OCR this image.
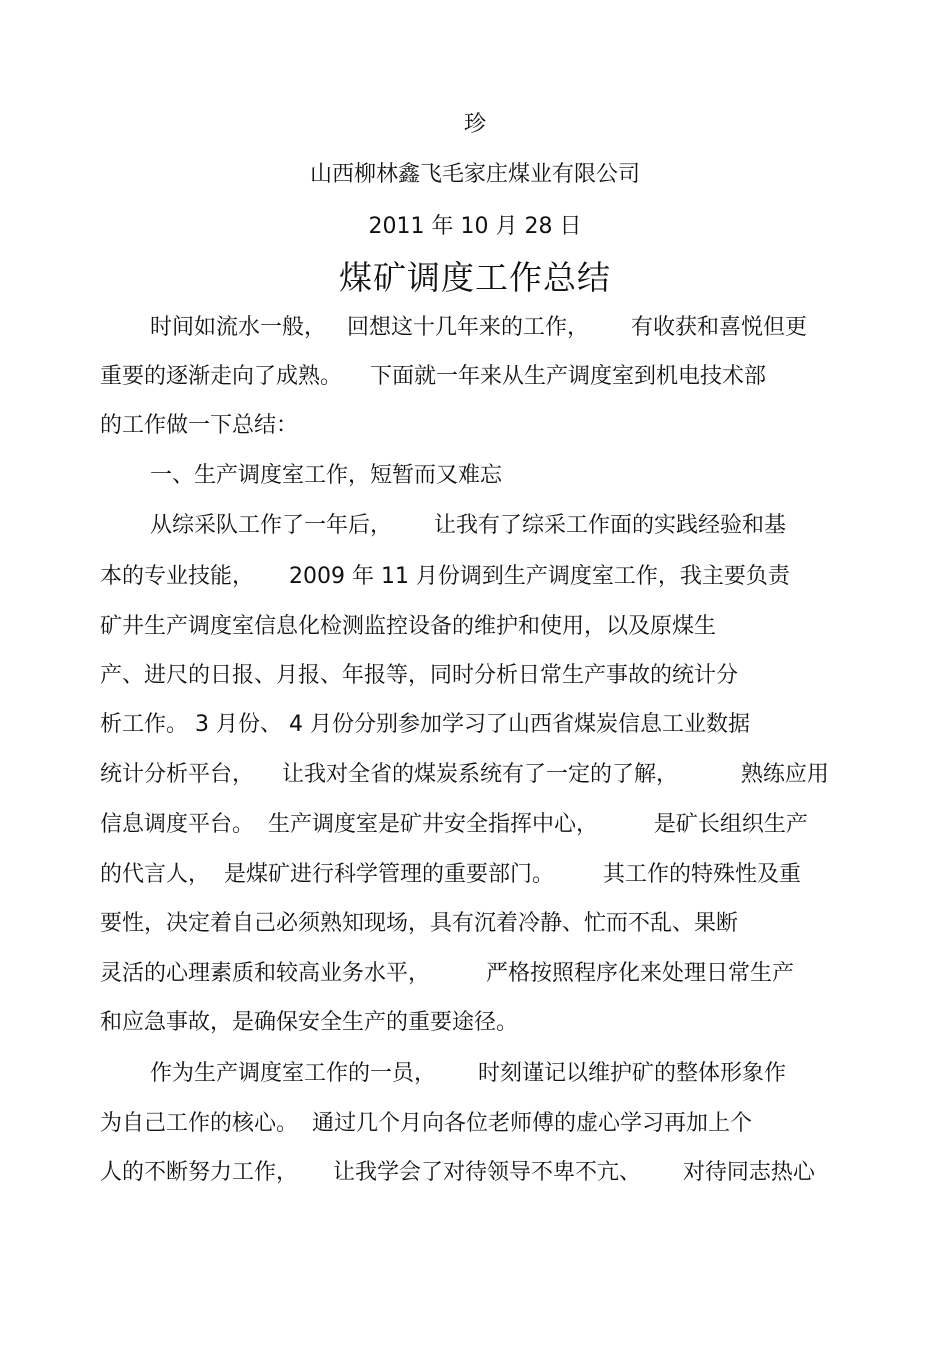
珍
山西柳林鑫飞毛家庄煤业有限公司
2011 年 10 月 28 日
煤矿调度工作总结
时间如流水一般，   回想这十几年来的工作，      有收获和喜悦但更
重要的逐渐走向了成熟。    下面就一年来从生产调度室到机电技术部
的工作做一下总结：
一、生产调度室工作，短暂而又难忘
从综采队工作了一年后，      让我有了综采工作面的实践经验和基
本的专业技能，     2009 年 11 月份调到生产调度室工作，我主要负责
矿井生产调度室信息化检测监控设备的维护和使用，以及原煤生
产、进尺的日报、月报、年报等，同时分析日常生产事故的统计分
析工作。 3 月份、 4 月份分别参加学习了山西省煤炭信息工业数据
统计分析平台，    让我对全省的煤炭系统有了一定的了解，         熟练应用
信息调度平台。  生产调度室是矿井安全指挥中心，        是矿长组织生产
的代言人，  是煤矿进行科学管理的重要部门。       其工作的特殊性及重
要性，决定着自己必须熟知现场，具有沉着冷静、忙而不乱、果断
灵活的心理素质和较高业务水平，        严格按照程序化来处理日常生产
和应急事故，是确保安全生产的重要途径。
作为生产调度室工作的一员，      时刻谨记以维护矿的整体形象作
为自己工作的核心。  通过几个月向各位老师傅的虚心学习再加上个
人的不断努力工作，     让我学会了对待领导不卑不亢、      对待同志热心
